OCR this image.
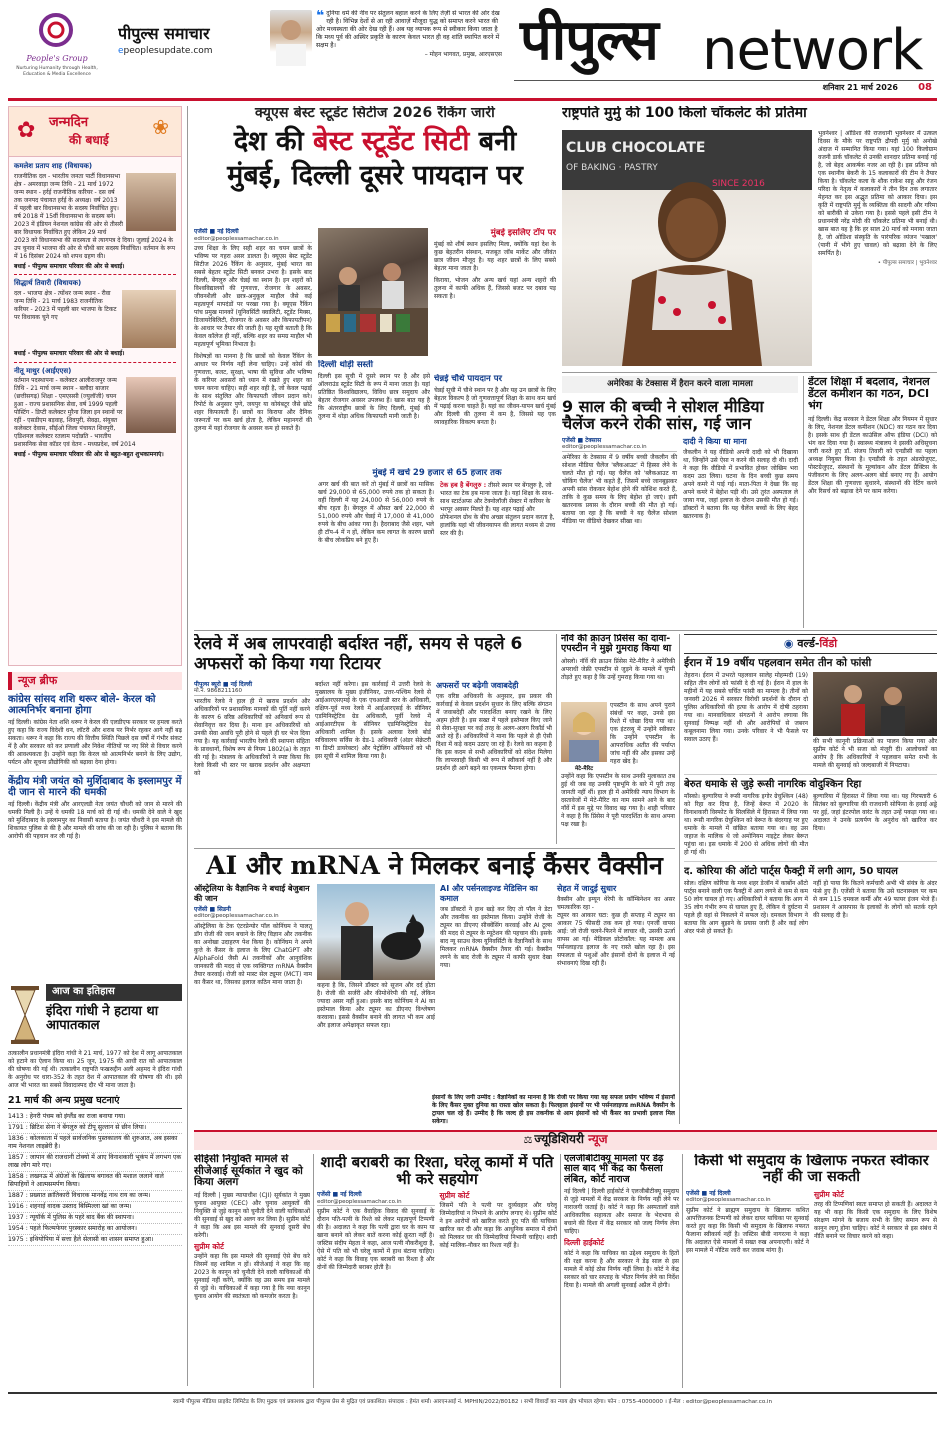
People's Group
Nurturing Humanity through Health, Education & Media Excellence
पीपुल्स समाचार
epeoplesupdate.com
❝ दुनिया धर्म की नींव पर संतुलन बहाल करने के लिए तेज़ी से भारत की ओर देख रही है। विभिन्न देशों से आ रही आवाज़ें मौजूदा युद्ध को समाप्त करने भारत की ओर मध्यस्थता की ओर देख रही हैं। अब यह व्यापक रूप से स्वीकार किया जाता है कि मध्य पूर्व की अस्थिर प्रकृति के कारण केवल भारत ही वह शांति स्थापित करने में सक्षम है।
– मोहन भागवत, प्रमुख, आरएसएस पीपुल्स network
शनिवार 21 मार्च 2026 08
✿ जन्मदिन
की बधाई
❀
कमलेश प्रताप शाह (विधायक)
राजनीतिक दल - भारतीय जनता पार्टी विधानसभा क्षेत्र - अमरवाड़ा जन्म तिथि - 21 मार्च 1972 जन्म स्थान - हर्रई राजनीतिक करियर - दस वर्ष तक जनपद पंचायत हर्रई के अध्यक्ष। वर्ष 2013 में पहली बार विधानसभा के सदस्य निर्वाचित हुए। वर्ष 2018 में 15वीं विधानसभा के सदस्य बने। 2023 में इंडियन नेशनल कांग्रेस की ओर से तीसरी बार विधायक निर्वाचित हुए लेकिन 29 मार्च 2023 को विधानसभा की सदस्यता से त्यागपत्र दे दिया। जुलाई 2024 के उप चुनाव में भाजपा की ओर से चौथी बार सदस्य निर्वाचित। वर्तमान के रूप में 16 दिसंबर 2024 को शपथ ग्रहण की।
बधाई - पीपुल्स समाचार परिवार की ओर से बधाई।
सिद्धार्थ तिवारी (विधायक)
दल - भाजपा क्षेत्र - त्योंथर जन्म स्थान - रीवा जन्म तिथि - 21 मार्च 1983 राजनीतिक करियर - 2023 में पहली बार भाजपा के टिकट पर विधायक चुने गए
बधाई - पीपुल्स समाचार परिवार की ओर से बधाई।
नीतू माथुर (आईएएस)
वर्तमान पदस्थापना - कलेक्टर आलीराजपुर जन्म तिथि - 21 मार्च जन्म स्थान - बलौदा बाजार (छत्तीसगढ़) शिक्षा - एमएससी (ज्युलॉजी) चयन हुआ - राज्य प्रशासनिक सेवा, वर्ष 1999 पहली पोस्टिंग - डिप्टी कलेक्टर मुरैना जिला इन स्थानों पर रहीं - एसडीएम बड़वाह, शिवपुरी, सेवढ़ा, संयुक्त कलेक्टर देवास, सीईओ जिला पंचायत शिवपुरी, एडिशनल कलेक्टर रतलाम पदोन्नति - भारतीय प्रशासनिक सेवा कॉडर एवं वेतन - मध्यप्रदेश, वर्ष 2014
बधाई - पीपुल्स समाचार परिवार की ओर से बहुत-बहुत शुभकामनाएं।
न्यूज ब्रीफ
कांग्रेस सांसद शशि थरूर बोले- केरल को आत्मनिर्भर बनाना होगा
नई दिल्ली। कांग्रेस नेता शशि थरूर ने केरल की एलडीएफ सरकार पर हमला करते हुए कहा कि राज्य विदेशी धन, लॉटरी और शराब पर निर्भर रहकर आगे नहीं बढ़ सकता। थरूर ने कहा कि राज्य की वित्तीय स्थिति पिछले दस वर्षों में गंभीर संकट में है और सरकार को कर प्रणाली और निवेश नीतियों पर नए सिरे से विचार करने की आवश्यकता है। उन्होंने कहा कि केरल को आत्मनिर्भर बनाने के लिए उद्योग, पर्यटन और सूचना प्रौद्योगिकी को बढ़ावा देना होगा।
केंद्रीय मंत्री जयंत को मुर्शिदाबाद के इस्लामपुर में दी जान से मारने की धमकी
नई दिल्ली। केंद्रीय मंत्री और आरएलडी नेता जयंत चौधरी को जान से मारने की धमकी मिली है। उन्हें ये धमकी 18 मार्च को दी गई थी। धमकी देने वाले ने खुद को मुर्शिदाबाद के इस्लामपुर का निवासी बताया है। जयंत चौधरी ने इस मामले की शिकायत पुलिस से की है और मामले की जांच की जा रही है। पुलिस ने बताया कि आरोपी की पहचान कर ली गई है।
आज का इतिहास
इंदिरा गांधी ने हटाया था आपातकाल
तत्कालीन प्रधानमंत्री इंदिरा गांधी ने 21 मार्च, 1977 को देश में लागू आपातकाल को हटाने का ऐलान किया था। 25 जून, 1975 की आधी रात को आपातकाल की घोषणा की गई थी। तत्कालीन राष्ट्रपति फखरुद्दीन अली अहमद ने इंदिरा गांधी के अनुरोध पर धारा-352 के तहत देश में आपातकाल की घोषणा की थी। इसे आज भी भारत का सबसे विवादास्पद दौर भी माना जाता है।
21 मार्च की अन्य प्रमुख घटनाएं
1413 : हेनरी पंचम को इंग्लैंड का राजा बनाया गया।
1791 : ब्रिटिश सेना ने बेंगलुरु को टीपू सुल्तान से छीन लिया।
1836 : कोलकाता में पहले सार्वजनिक पुस्तकालय की शुरुआत, अब इसका नाम नेशनल लाइब्रेरी है।
1857 : जापान की राजधानी टोक्यो में आए विनाशकारी भूकंप में लगभग एक लाख लोग मारे गए।
1858 : लखनऊ में अंग्रेजों के खिलाफ बगावत की मशाल जलाने वाले सिपाहियों ने आत्मसमर्पण किया।
1887 : प्रख्यात क्रांतिकारी विचारक मानवेंद्र नाथ राय का जन्म।
1916 : शहनाई वादक उस्ताद बिस्मिल्ला खां का जन्म।
1937 : न्यूयॉर्क में पुलिस के पहरे बाद बैंक की स्थापना।
1954 : पहले फिल्मफेयर पुरस्कार समारोह का आयोजन।
1975 : इथियोपिया में सत्ता हैले सेलासी का शासन समाप्त हुआ।
क्यूएस बेस्ट स्टूडेंट सिटीज 2026 रैंकिंग जारी
देश की बेस्ट स्टूडेंट सिटी बनी
मुंबई, दिल्ली दूसरे पायदान पर
एजेंसी ■ नई दिल्ली
editor@peoplessamachar.co.in
उच्च शिक्षा के लिए सही शहर का चयन छात्रों के भविष्य पर गहरा असर डालता है। क्यूएस बेस्ट स्टूडेंट सिटीज 2026 रैंकिंग के अनुसार, मुंबई भारत का सबसे बेहतर स्टूडेंट सिटी बनकर उभरा है। इसके बाद दिल्ली, बेंगलुरु और चेन्नई का स्थान है। इन शहरों को विश्वविद्यालयों की गुणवत्ता, रोजगार के अवसर, जीवनशैली और छात्र-अनुकूल माहौल जैसे कई महत्वपूर्ण मापदंडों पर परखा गया है। क्यूएस रैंकिंग पांच प्रमुख मानकों (यूनिवर्सिटी क्वालिटी, स्टूडेंट मिक्स, डिजायरेबिलिटी, रोजगार के अवसर और किफायतीपन) के आधार पर तैयार की जाती है। यह सूची बताती है कि केवल कॉलेज ही नहीं, बल्कि शहर का समग्र माहौल भी महत्वपूर्ण भूमिका निभाता है।
विशेषज्ञों का मानना है कि छात्रों को केवल रैंकिंग के आधार पर निर्णय नहीं लेना चाहिए। उन्हें कोर्स की गुणवत्ता, बजट, सुरक्षा, भाषा की सुविधा और भविष्य के करियर अवसरों को ध्यान में रखते हुए शहर का चयन करना चाहिए। सही शहर वही है, जो केवल पढ़ाई के साथ संतुलित और किफायती जीवन प्रदान करे। रिपोर्ट के अनुसार पुणे, जयपुर या कोयंबटूर जैसे छोटे शहर किफायती हैं। छात्रों का किराया और दैनिक जरूरतों पर कम खर्च होता है, लेकिन महानगरों की तुलना में यहां रोजगार के अवसर कम हो सकते हैं।
मुंबई इसलिए टॉप पर
मुंबई को शीर्ष स्थान इसलिए मिला, क्योंकि यहां देश के कुछ बेहतरीन संस्थान, मजबूत जॉब मार्केट और जीवंत छात्र जीवन मौजूद है। यह शहर छात्रों के लिए सबसे बेहतर माना जाता है।
किराया, भोजन और अन्य खर्च यहां अन्य शहरों की तुलना में काफी अधिक हैं, जिससे बजट पर दबाव पड़ सकता है।
दिल्ली थोड़ी सस्ती
दिल्ली इस सूची में दूसरे स्थान पर है और इसे ऑलराउंड स्टूडेंट सिटी के रूप में माना जाता है। यहां प्रतिष्ठित विश्वविद्यालय, विविध छात्र समुदाय और बेहतर रोजगार अवसर उपलब्ध हैं। खास बात यह है कि अंतरराष्ट्रीय छात्रों के लिए दिल्ली, मुंबई की तुलना में थोड़ा अधिक किफायती मानी जाती है।
चेन्नई चौथे पायदान पर
चेन्नई सूची में चौथे स्थान पर है और यह उन छात्रों के लिए बेहतर विकल्प है जो गुणवत्तापूर्ण शिक्षा के साथ कम खर्च में पढ़ाई करना चाहते हैं। यहां का जीवन-यापन खर्च मुंबई और दिल्ली की तुलना में कम है, जिससे यह एक व्यावहारिक विकल्प बनता है।
मुंबई में खर्च 29 हजार से 65 हजार तक
अगर खर्च की बात करें तो मुंबई में छात्रों का मासिक खर्च 29,000 से 65,000 रुपये तक हो सकता है। वहीं दिल्ली में यह 24,000 से 56,000 रुपये के बीच रहता है। बेंगलुरु में औसत खर्च 22,000 से 51,000 रुपये और चेन्नई में 17,000 से 41,000 रुपये के बीच आंका गया है। हैदराबाद जैसे शहर, भले ही टॉप-4 में न हों, लेकिन कम लागत के कारण छात्रों के बीच लोकप्रिय बने हुए हैं।
टेक हब है बेंगलुरु : तीसरे स्थान पर बेंगलुरु है, जो भारत का टेक हब माना जाता है। यहां शिक्षा के साथ-साथ स्टार्टअप्स और टेक्नोलॉजी सेक्टर में करियर के भरपूर अवसर मिलते हैं। यह शहर पढ़ाई और प्रोफेशनल ग्रोथ के बीच अच्छा संतुलन प्रदान करता है, हालांकि यहां भी जीवनयापन की लागत मध्यम से उच्च स्तर की है।
राष्ट्रपति मुर्मु की 100 किलो चॉकलेट की प्रतिमा
CLUB CHOCOLATE
OF BAKING · PASTRY
SINCE 2016
भुवनेश्वर | ओडिशा की राजधानी भुवनेश्वर में उत्कल दिवस के मौके पर राष्ट्रपति द्रौपदी मुर्मु को अनोखे अंदाज में सम्मानित किया गया। यहां 100 किलोग्राम वजनी डार्क चॉकलेट से उनकी शानदार प्रतिमा बनाई गई है, जो बेहद आकर्षक नजर आ रही है। इस प्रतिमा को एक स्थानीय बेकरी के 15 कलाकारों की टीम ने तैयार किया है। चॉकलेट कला के शौक राकेश साहू और रंजन परिदा के नेतृत्व में कलाकारों ने तीन दिन तक लगातार मेहनत कर इस अद्भुत प्रतिमा को आकार दिया। इस कृति में राष्ट्रपति मुर्मु के व्यक्तित्व की सादगी और गरिमा को बारीकी से उकेरा गया है। इससे पहले इसी टीम ने प्रधानमंत्री नरेंद्र मोदी की चॉकलेट प्रतिमा भी बनाई थी। खास बात यह है कि हर साल 20 मार्च को मनाया जाता है, जो ओडिशा संस्कृति के पारंपरिक व्यंजन 'पखाल' (पानी में भीगे हुए चावल) को बढ़ावा देने के लिए समर्पित है।
• पीपुल्स समाचार | भुवनेश्वर
अमेरिका के टेक्सास में हैरान करने वाला मामला
9 साल की बच्ची ने सोशल मीडिया चैलेंज करने रोकी सांस, गई जान
एजेंसी ■ टेक्सास
editor@peoplessamachar.co.in
अमेरिका के टेक्सास में 9 वर्षीय बच्ची जैकलीन की सोशल मीडिया चैलेंज 'ब्लैकआउट' में हिस्सा लेने के चलते मौत हो गई। यह चैलेंज को 'ब्लैकआउट या चोकिंग चैलेंज' भी कहते हैं, जिसमें बच्चे जानबूझकर अपनी सांस रोककर बेहोश होने की कोशिश करते हैं, ताकि वे कुछ समय के लिए बेहोश हो जाएं। इसी खतरनाक प्रयास के दौरान बच्ची की मौत हो गई। बताया जा रहा है कि बच्ची ने यह चैलेंज सोशल मीडिया पर वीडियो देखकर सीखा था।
दादी ने किया था माना
जैकलीन ने यह वीडियो अपनी दादी को भी दिखाया था, जिन्होंने उसे ऐसा न करने की सलाह दी थी। दादी ने कहा कि वीडियो में प्रभावित होकर जोखिम भरा कदम उठा लिया। घटना के दिन बच्ची कुछ समय अपने कमरे में पाई गई। माता-पिता ने देखा कि वह अपने कमरे में बेहोश पड़ी थी। उसे तुरंत अस्पताल ले जाया गया, जहां इलाज के दौरान उसकी मौत हो गई। डॉक्टरों ने बताया कि यह चैलेंज बच्चों के लिए बेहद खतरनाक है।
डेंटल शिक्षा में बदलाव, नेशनल डेंटल कमीशन का गठन, DCI भंग
नई दिल्ली। केंद्र सरकार ने डेंटल शिक्षा और नियमन में सुधार के लिए, नेशनल डेंटल कमीशन (NDC) का गठन कर दिया है। इसके साथ ही डेंटल काउंसिल ऑफ इंडिया (DCI) को भंग कर दिया गया है। स्वास्थ्य मंत्रालय ने इसकी अधिसूचना जारी करते हुए डॉ. संजय तिवारी को एनडीसी का पहला अध्यक्ष नियुक्त किया है। एनडीसी के तहत अंडरग्रेजुएट, पोस्टग्रेजुएट, संस्थानों के मूल्यांकन और डेंटल प्रैक्टिस के पंजीकरण के लिए अलग-अलग बोर्ड बनाए गए हैं। आयोग डेंटल शिक्षा की गुणवत्ता सुधारने, संस्थानों की रेटिंग करने और रिसर्च को बढ़ावा देने पर काम करेगा।
रेलवे में अब लापरवाही बर्दाश्त नहीं, समय से पहले 6 अफसरों को किया गया रिटायर
पीपुल्स ब्यूरो ■ नई दिल्ली
मो.नं. 9868211160
भारतीय रेलवे ने हाल ही में खराब प्रदर्शन और अधिकारियों पर प्रशासनिक मानकों की पूर्ति नहीं करने के कारण 6 वरिष्ठ अधिकारियों को अनिवार्य रूप से सेवानिवृत्त कर दिया है। माना इन अधिकारियों को उनकी सेवा अवधि पूरी होने से पहले ही घर भेज दिया गया है। यह कार्रवाई भारतीय रेलवे की स्थापना संहिता के प्रावधानों, विशेष रूप से नियम 1802(a) के तहत की गई है। मंत्रालय के अधिकारियों ने स्पष्ट किया कि रेलवे किसी भी स्तर पर खराब प्रदर्शन और अक्षमता को
बर्दाश्त नहीं करेगा। इस कार्रवाई में उत्तरी रेलवे के मुख्यालय के मुख्य इंजीनियर, उत्तर-पश्चिम रेलवे से आईआरएसएमई के एक एचआरडी स्तर के अधिकारी, दक्षिण-पूर्व मध्य रेलवे में आईआरएसई के सीनियर एडमिनिस्ट्रेटिव ग्रेड अधिकारी, पूर्वी रेलवे में आईआरटीएस के सीनियर एडमिनिस्ट्रेटिव ग्रेड अधिकारी शामिल हैं। इसके अलावा रेलवे बोर्ड सचिवालय सर्विस के ग्रेड-1 अधिकारी (अंडर सेक्रेटरी या डिप्टी डायरेक्टर) और पेट्रोलिंग ऑफिसरों को भी इस सूची में शामिल किया गया है।
अफसरों पर बढ़ेगी जवाबदेही
एक वरिष्ठ अधिकारी के अनुसार, इस प्रकार की कार्रवाई से केवल प्रदर्शन सुधार के लिए बल्कि संगठन में जवाबदेही और पारदर्शिता बनाए रखने के लिए अहम होती है। इस सख्त में पहले इस्तेमाल किए जाने से सेवा-सुरक्षा पर कई तरह के अलग-अलग रिकॉर्ड भी आते रहे हैं। अधिकारियों ने माना कि पहले से ही ऐसी दिशा में कड़े कदम उठाए जा रहे हैं। रेलवे का कहना है कि इस कदम से सभी अधिकारियों को संदेश मिलेगा कि लापरवाही किसी भी रूप में स्वीकार्य नहीं है और प्रदर्शन ही आगे बढ़ने का एकमात्र पैमाना होगा।
नॉर्वे की क्राउन प्रिंसेस का दावा- एपस्टीन ने मुझे गुमराह किया था
ओस्लो। नॉर्वे की क्राउन प्रिंसेस मेटे-मैरिट ने अमेरिकी अपराधी जेफ्री एपस्टीन से जुड़ने के मामले में चुप्पी तोड़ते हुए कहा है कि उन्हें गुमराह किया गया था।
एपस्टीन के साथ अपने पुराने संबंधों पर कहा, उनसे इस रिश्ते में धोखा दिया गया था। एक इंटरव्यू में उन्होंने स्वीकार कि उन्होंने एपस्टीन के आपराधिक अतीत की पर्याप्त जांच नहीं की और इसका उन्हें गहरा खेद है।
मेटे-मैरिट
उन्होंने कहा कि एपस्टीन के साथ उनकी मुलाकात तब हुई थी जब वह उनकी पृष्ठभूमि के बारे में पूरी तरह जानती नहीं थीं। हाल ही में अमेरिकी न्याय विभाग के दस्तावेजों में मेटे-मैरिट का नाम सामने आने के बाद नॉर्वे में इस मुद्दे पर विवाद बढ़ गया है। शाही परिवार ने कहा है कि प्रिंसेस ने पूरी पारदर्शिता के साथ अपना पक्ष रखा है।
◉ वर्ल्ड-विंडो
ईरान में 19 वर्षीय पहलवान समेत तीन को फांसी
तेहरान। ईरान में उभरते पहलवान सालेह मोहम्मदी (19) सहित तीन लोगों को फांसी दे दी गई है। ईरान में हाल के महीनों में यह सबसे चर्चित फांसी का मामला है। तीनों को जनवरी 2026 में सरकार विरोधी प्रदर्शनों के दौरान दो पुलिस अधिकारियों की हत्या के आरोप में दोषी ठहराया गया था। मानवाधिकार संगठनों ने आरोप लगाया कि सुनवाई निष्पक्ष नहीं थी और आरोपियों से जबरन कबूलनामा लिया गया। उनके परिवार ने भी फैसले पर सवाल उठाए हैं।	की सभी कानूनी प्रक्रियाओं का पालन किया गया और सुप्रीम कोर्ट ने भी सजा को मंजूरी दी। आलोचकों का आरोप है कि अधिकारियों ने पहलवान समेत सभी के मामले की सुनवाई को जल्दबाजी में निपटाया।
बेरुत धमाके से जुड़े रूसी नागरिक वोदुश्किन रिहा
मॉस्को। बुल्गारिया ने रूसी नागरिक इगोर ग्रेचुश्किन (48) को रिहा कर दिया है, जिन्हें बेरूत में 2020 के विनाशकारी विस्फोट के सिलसिले में हिरासत में लिया गया था। रूसी नागरिक ग्रेचुश्किन को बेरूत के बंदरगाह पर हुए धमाके के मामले में वांछित बताया गया था। वह उस जहाज के मालिक थे जो अमोनियम नाइट्रेट लेकर बेरूत पहुंचा था। इस धमाके में 200 से अधिक लोगों की मौत हो गई थी।
बुल्गारिया में हिरासत में लिया गया था। यह गिरफ्तारी 6 सितंबर को बुल्गारिया की राजधानी सोफिया के हवाई अड्डे पर हुई, जहां इंटरपोल वारंट के तहत उन्हें पकड़ा गया था। अदालत ने उनके प्रत्यर्पण के अनुरोध को खारिज कर दिया।
द. कोरिया की ऑटो पार्ट्स फैक्ट्री में लगी आग, 50 घायल
सोल। दक्षिण कोरिया के मध्य शहर डेजॉन में कार्बोन ऑटो पार्ट्स बनाने वाली एक फैक्ट्री में आग लगने से कम से कम 50 लोग घायल हो गए। अधिकारियों ने बताया कि आग में 35 लोग गंभीर रूप से घायल हुए हैं, लेकिन ये दुर्घटना में पहले ही वहां से निकलने में सफल रहे। दमकल विभाग ने बताया कि आग बुझाने के प्रयास जारी हैं और कई लोग अंदर फंसे हो सकते हैं।
नहीं हो पाया कि कितने कर्मचारी अभी भी संयंत्र के अंदर फंसे हुए हैं। एजेंसी ने बताया कि उसे घटनास्थल पर कम से कम 115 दमकल कर्मी और 49 फायर इंजन भेजे हैं। प्रशासन ने आसपास के इलाकों के लोगों को सतर्क रहने की सलाह दी है।
AI और mRNA ने मिलकर बनाई कैंसर वैक्सीन
ऑस्ट्रेलिया के वैज्ञानिक ने बचाई बेजुबान की जान
एजेंसी ■ सिडनी
editor@peoplessamachar.co.in
ऑस्ट्रेलिया के टेक एंटरप्रेन्योर पॉल कोनिंघम ने पालतू डॉग रोजी की जान बचाने के लिए विज्ञान और तकनीक का अनोखा उदाहरण पेश किया है। कोनिंघम ने अपने कुत्ते के कैंसर के इलाज के लिए ChatGPT और AlphaFold जैसी AI तकनीकों और आनुवंशिक जानकारी की मदद से एक व्यक्तिगत mRNA वैक्सीन तैयार करवाई। रोजी को मास्ट सेल ट्यूमर (MCT) नाम का कैंसर था, जिसका इलाज कठिन माना जाता है।	कहना है कि, जिसने डॉक्टर को सूजन और दर्द होता है। रोजी की सर्जरी और कीमोथेरेपी की गई, लेकिन ज्यादा असर नहीं हुआ। इसके बाद कोनिंघम ने AI का इस्तेमाल किया और ट्यूमर का डीएनए विश्लेषण करवाया। इससे वैक्सीन बनाने की लागत भी कम आई और इलाज अपेक्षाकृत सफल रहा।
AI और पर्सनलाइज्ड मेडिसिन का कमाल
जब डॉक्टरों ने हाथ खड़े कर दिए तो पॉल ने डेटा और तकनीक का इस्तेमाल किया। उन्होंने रोजी के ट्यूमर का डीएनए सीक्वेंसिंग करवाई और AI टूल्स की मदद से ट्यूमर के म्यूटेशन की पहचान की। इसके बाद न्यू साउथ वेल्स यूनिवर्सिटी के वैज्ञानिकों के साथ मिलकर mRNA वैक्सीन तैयार की गई। वैक्सीन लगने के बाद रोजी के ट्यूमर में काफी सुधार देखा गया।
सेहत में जादुई सुधार
वैक्सीन और इम्यून थेरेपी के कॉम्बिनेशन का असर चमत्कारिक रहा -
ट्यूमर का आकार घटा: कुछ ही सप्ताह में ट्यूमर का आकार 75 फीसदी तक कम हो गया। एनर्जी वापस आई: जो रोजी चलने-फिरने में लाचार थी, उसकी ऊर्जा वापस आ गई। मेडिकल प्रोटोकॉल: यह मामला अब पर्सनलाइज्ड इलाज के नए रास्ते खोल रहा है। इस सफलता से पशुओं और इंसानों दोनों के इलाज में नई संभावनाएं दिख रही हैं।
इंसानों के लिए जगी उम्मीद : वैज्ञानिकों का मानना है कि रोजी पर किया गया यह सफल प्रयोग भविष्य में इंसानों के लिए कैंसर मुक्त दुनिया का रास्ता खोल सकता है। फिलहाल इंसानों पर भी पर्सनलाइज्ड mRNA वैक्सीन के ट्रायल चल रहे हैं। उम्मीद है कि जल्द ही इस तकनीक से आम इंसानों को भी कैंसर का प्रभावी इलाज मिल सकेगा।
⚖ ज्यूडिशियरी न्यूज
सीईसी नियुक्ति मामले से सीजेआई सूर्यकांत ने खुद को किया अलग
नई दिल्ली | मुख्य न्यायाधीश (CJI) सूर्यकांत ने मुख्य चुनाव आयुक्त (CEC) और चुनाव आयुक्तों की नियुक्ति से जुड़े कानून को चुनौती देने वाली याचिकाओं की सुनवाई से खुद को अलग कर लिया है। सुप्रीम कोर्ट ने कहा कि अब इस मामले की सुनवाई दूसरी बेंच करेगी।
सुप्रीम कोर्ट
उन्होंने कहा कि इस मामले की सुनवाई ऐसे बेंच करे जिसमें वह शामिल न हों। सीजेआई ने कहा कि वह 2023 के कानून को चुनौती देने वाली याचिकाओं की सुनवाई नहीं करेंगे, क्योंकि वह उस समय इस मामले से जुड़े थे। याचिकाओं में कहा गया है कि नया कानून चुनाव आयोग की स्वतंत्रता को कमजोर करता है।
शादी बराबरी का रिश्ता, घरेलू कामों में पति भी करे सहयोग
एजेंसी ■ नई दिल्ली
editor@peoplessamachar.co.in
सुप्रीम कोर्ट ने एक वैवाहिक विवाद की सुनवाई के दौरान पति-पत्नी के रिश्ते को लेकर महत्वपूर्ण टिप्पणी की है। अदालत ने कहा कि पत्नी द्वारा घर के काम या खाना बनाने को लेकर बातें करना कोई क्रूरता नहीं है। जस्टिस संदीप मेहता ने कहा, आज पत्नी नौकरीशुदा है, ऐसे में पति को भी घरेलू कामों में हाथ बंटाना चाहिए। कोर्ट ने कहा कि विवाह एक बराबरी का रिश्ता है और दोनों की जिम्मेदारी बराबर होती है।
सुप्रीम कोर्ट
जिसमें पति ने पत्नी पर दुर्व्यवहार और घरेलू जिम्मेदारियां न निभाने के आरोप लगाए थे। सुप्रीम कोर्ट ने इन आरोपों को खारिज करते हुए पति की याचिका खारिज कर दी और कहा कि आधुनिक समाज में दोनों को मिलकर घर की जिम्मेदारियां निभानी चाहिए। शादी कोई मालिक-नौकर का रिश्ता नहीं है।
एलजीबीटीक्यू मामलों पर डेढ़ साल बाद भी केंद्र का फैसला लंबित, कोर्ट नाराज
नई दिल्ली | दिल्ली हाईकोर्ट ने एलजीबीटीक्यू समुदाय से जुड़े मामलों में केंद्र सरकार के निर्णय नहीं लेने पर नाराजगी जताई है। कोर्ट ने कहा कि अस्पतालों वाले आधिकारिक सहायता और समाज के भेदभाव से बचाने की दिशा में केंद्र सरकार को जल्द निर्णय लेना चाहिए।
दिल्ली हाईकोर्ट
कोर्ट ने कहा कि याचिका का उद्देश्य समुदाय के हितों की रक्षा करना है और सरकार ने डेढ़ साल से इस मामले में कोई ठोस निर्णय नहीं लिया है। कोर्ट ने केंद्र सरकार को चार सप्ताह के भीतर निर्णय लेने का निर्देश दिया है। मामले की अगली सुनवाई अप्रैल में होगी।
किसी भी समुदाय के खिलाफ नफरत स्वीकार नहीं की जा सकती
एजेंसी ■ नई दिल्ली
editor@peoplessamachar.co.in
सुप्रीम कोर्ट ने ब्राह्मण समुदाय के खिलाफ कथित आपत्तिजनक टिप्पणी को लेकर दायर याचिका पर सुनवाई करते हुए कहा कि किसी भी समुदाय के खिलाफ नफरत फैलाना स्वीकार्य नहीं है। जस्टिस बीवी नागरत्ना ने कहा कि अदालत ऐसे मामलों में सख्त रुख अपनाएगी। कोर्ट ने इस मामले में नोटिस जारी कर जवाब मांगा है।
सुप्रीम कोर्ट
तरह की टिप्पणियां स्वतः समाप्त हो सकती हैं। अदालत ने यह भी कहा कि किसी एक समुदाय के लिए विशेष संरक्षण मांगने के बजाय सभी के लिए समान रूप से कानून लागू होना चाहिए। कोर्ट ने सरकार से इस संबंध में नीति बनाने पर विचार करने को कहा।
स्वामी पीपुल्स मीडिया प्राइवेट लिमिटेड के लिए मुद्रक एवं प्रकाशक द्वारा पीपुल्स प्रेस से मुद्रित एवं प्रकाशित। संपादक : हेमंत शर्मा। आरएनआई नं. MPHIN/2022/80182 । सभी विवादों का न्याय क्षेत्र भोपाल रहेगा। फोन : 0755-4000000 । ई-मेल : editor@peoplessamachar.co.in
